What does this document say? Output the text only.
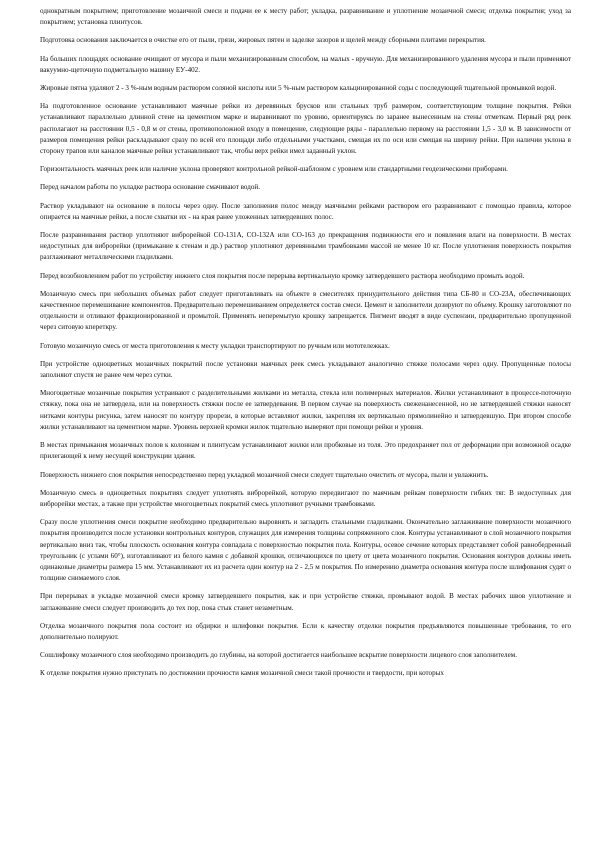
однократным покрытием; приготовление мозаичной смеси и подачи ее к месту работ; укладка, разравнивание и уплотнение мозаичной смеси; отделка покрытия; уход за покрытием; установка плинтусов.

Подготовка основания заключается в очистке его от пыли, грязи, жировых пятен и заделке зазоров и щелей между сборными плитами перекрытия.

На больших площадях основание очищают от мусора и пыли механизированным способом, на малых - вручную. Для механизированного удаления мусора и пыли применяют вакуумно-щеточную подметальную машину ЕУ-402.

Жировые пятна удаляют 2 - 3 %-ным водным раствором соляной кислоты или 5 %-ным раствором кальцинированной соды с последующей тщательной промывкой водой.

На подготовленное основание устанавливают маячные рейки из деревянных брусков или стальных труб размером, соответствующим толщине покрытия. Рейки устанавливают параллельно длинной стене на цементном марке и выравнивают по уровню, ориентируясь по заранее вынесенным на стены отметкам. Первый ряд реек располагают на расстоянии 0,5 - 0,8 м от стены, противоположной входу в помещение, следующие ряды - параллельно первому на расстоянии 1,5 - 3,0 м. В зависимости от размеров помещения рейки раскладывают сразу по всей его площади либо отдельными участками, смещая их по оси или смещая на ширину рейки. При наличии уклона в сторону трапов или каналов маячные рейки устанавливают так, чтобы верх рейки имел заданный уклон.

Горизонтальность маячных реек или наличие уклона проверяют контрольной рейкой-шаблоном с уровнем или стандартными геодезическими приборами.

Перед началом работы по укладке раствора основание смачивают водой.

Раствор укладывают на основание в полосы через одну. После заполнения полос между маячными рейками раствором его разравнивают с помощью правила, которое опирается на маячные рейки, а после схватки их - на края ранее уложенных затвердевших полос.

После разравнивания раствор уплотняют виброрейкой СО-131А, СО-132А или СО-163 до прекращения подвижности его и появления влаги на поверхности. В местах недоступных для виброрейки (примыкание к стенам и др.) раствор уплотняют деревянными трамбовками массой не менее 10 кг. После уплотнения поверхность покрытия разглаживают металлическими гладилками.

Перед возобновлением работ по устройству нижнего слоя покрытия после перерыва вертикальную кромку затвердевшего раствора необходимо промыть водой.

Мозаичную смесь при небольших объемах работ следует приготавливать на объекте в смесителях принудительного действия типа СБ-80 и СО-23А, обеспечивающих качественное перемешивание компонентов. Предварительно перемешиванием определяется состав смеси. Цемент и заполнители дозируют по объему. Крошку заготовляют по отдельности и отливают фракционированной и промытой. Применять неперемытую крошку запрещается. Пигмент вводят в виде суспензии, предварительно пропущенной через ситовую кпереткру.

Готовую мозаичную смесь от места приготовления к месту укладки транспортируют по ручным или мототележках.

При устройстве одноцветных мозаичных покрытий после установки маячных реек смесь укладывают аналогично стяжке полосами через одну. Пропущенные полосы заполняют спустя не ранее чем через сутки.

Многоцветные мозаичные покрытия устраивают с разделительными жилками из металла, стекла или полимерных материалов. Жилки устанавливают в процессе-поточную стяжку, пока она не затвердела, или на поверхность стяжки после ее затвердевания. В первом случае на поверхность свеженанесенной, но не затвердевшей стяжки наносят нитками контуры рисунка, затем наносят по контуру прорези, в которые вставляют жилки, закрепляя их вертикально прямолинейно и затвердевшую. При втором способе жилки устанавливают на цементном марке. Уровень верхней кромки жилок тщательно выверяют при помощи рейки и уровня.

В местах примыкания мозаичных полов к колоннам и плинтусам устанавливают жилки или пробковые из толя. Это предохраняет пол от деформации при возможной осадке прилегающей к нему несущей конструкции здания.

Поверхность нижнего слоя покрытия непосредственно перед укладкой мозаичной смеси следует тщательно очистить от мусора, пыли и увлажнить.

Мозаичную смесь в одноцветных покрытиях следует уплотнять виброрейкой, которую передвигают по маячным рейкам поверхности гибких тяг. В недоступных для виброрейки местах, а также при устройстве многоцветных покрытий смесь уплотняют ручными трамбовками.

Сразу после уплотнения смеси покрытие необходимо предварительно выровнять и загладить стальными гладилками. Окончательно заглаживание поверхности мозаичного покрытия производится после установки контрольных контуров, служащих для измерения толщины сопряженного слоя. Контуры устанавливают в слой мозаичного покрытия вертикально вниз так, чтобы плоскость основания контура совпадала с поверхностью покрытия пола. Контуры, осевое сечение которых представляет собой равнобедренный треугольник (с углами 60°), изготавливают из белого камня с добавкой крошки, отличающихся по цвету от цвета мозаичного покрытия. Основания контуров должны иметь одинаковые диаметры размера 15 мм. Устанавливают их из расчета один контур на 2 - 2,5 м покрытия. По измерению диаметра основания контура после шлифования судят о толщине снимаемого слоя.

При перерывах в укладке мозаичной смеси кромку затвердевшего покрытия, как и при устройстве стяжки, промывают водой. В местах рабочих швов уплотнение и заглаживание смеси следует производить до тех пор, пока стык станет незаметным.

Отделка мозаичного покрытия пола состоит из обдирки и шлифовки покрытия. Если к качеству отделки покрытия предъявляются повышенные требования, то его дополнительно полируют.

Сошлифовку мозаичного слоя необходимо производить до глубины, на которой достигается наибольшее вскрытие поверхности лицевого слоя заполнителем.

К отделке покрытия нужно приступать по достижении прочности камня мозаичной смеси такой прочности и твердости, при которых
